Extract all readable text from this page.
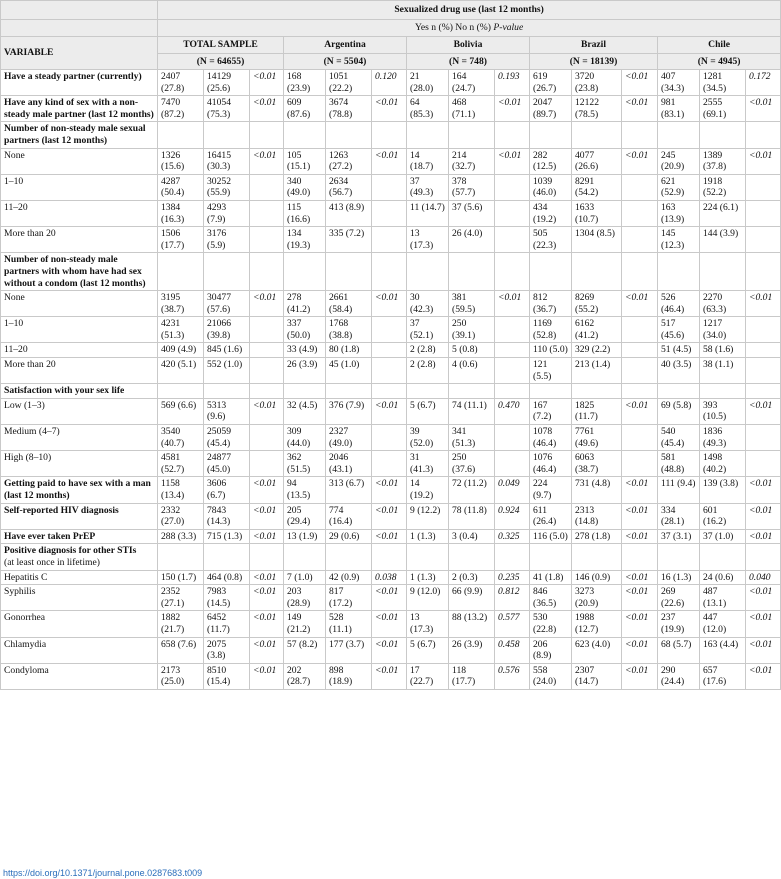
	Sexualized drug use (last 12 months)														
	Yes n (%) No n (%) P-value														
VARIABLE	TOTAL SAMPLE			Argentina			Bolivia			Brazil			Chile		
	(N = 64655)			(N = 5504)			(N = 748)			(N = 18139)			(N = 4945)		
Have a steady partner (currently)	2407 (27.8)	14129 (25.6)	<0.01	168 (23.9)	1051 (22.2)	0.120	21 (28.0)	164 (24.7)	0.193	619 (26.7)	3720 (23.8)	<0.01	407 (34.3)	1281 (34.5)	0.172
Have any kind of sex with a non-steady male partner (last 12 months)	7470 (87.2)	41054 (75.3)	<0.01	609 (87.6)	3674 (78.8)	<0.01	64 (85.3)	468 (71.1)	<0.01	2047 (89.7)	12122 (78.5)	<0.01	981 (83.1)	2555 (69.1)	<0.01
Number of non-steady male sexual partners (last 12 months)															
None	1326 (15.6)	16415 (30.3)	<0.01	105 (15.1)	1263 (27.2)	<0.01	14 (18.7)	214 (32.7)	<0.01	282 (12.5)	4077 (26.6)	<0.01	245 (20.9)	1389 (37.8)	<0.01
1–10	4287 (50.4)	30252 (55.9)		340 (49.0)	2634 (56.7)		37 (49.3)	378 (57.7)		1039 (46.0)	8291 (54.2)		621 (52.9)	1918 (52.2)	
11–20	1384 (16.3)	4293 (7.9)		115 (16.6)	413 (8.9)		11 (14.7)	37 (5.6)		434 (19.2)	1633 (10.7)		163 (13.9)	224 (6.1)	
More than 20	1506 (17.7)	3176 (5.9)		134 (19.3)	335 (7.2)		13 (17.3)	26 (4.0)		505 (22.3)	1304 (8.5)		145 (12.3)	144 (3.9)	
Number of non-steady male partners with whom have had sex without a condom (last 12 months)															
None	3195 (38.7)	30477 (57.6)	<0.01	278 (41.2)	2661 (58.4)	<0.01	30 (42.3)	381 (59.5)	<0.01	812 (36.7)	8269 (55.2)	<0.01	526 (46.4)	2270 (63.3)	<0.01
1–10	4231 (51.3)	21066 (39.8)		337 (50.0)	1768 (38.8)		37 (52.1)	250 (39.1)		1169 (52.8)	6162 (41.2)		517 (45.6)	1217 (34.0)	
11–20	409 (4.9)	845 (1.6)		33 (4.9)	80 (1.8)		2 (2.8)	5 (0.8)		110 (5.0)	329 (2.2)		51 (4.5)	58 (1.6)	
More than 20	420 (5.1)	552 (1.0)		26 (3.9)	45 (1.0)		2 (2.8)	4 (0.6)		121 (5.5)	213 (1.4)		40 (3.5)	38 (1.1)	
Satisfaction with your sex life															
Low (1–3)	569 (6.6)	5313 (9.6)	<0.01	32 (4.5)	376 (7.9)	<0.01	5 (6.7)	74 (11.1)	0.470	167 (7.2)	1825 (11.7)	<0.01	69 (5.8)	393 (10.5)	<0.01
Medium (4–7)	3540 (40.7)	25059 (45.4)		309 (44.0)	2327 (49.0)		39 (52.0)	341 (51.3)		1078 (46.4)	7761 (49.6)		540 (45.4)	1836 (49.3)	
High (8–10)	4581 (52.7)	24877 (45.0)		362 (51.5)	2046 (43.1)		31 (41.3)	250 (37.6)		1076 (46.4)	6063 (38.7)		581 (48.8)	1498 (40.2)	
Getting paid to have sex with a man (last 12 months)	1158 (13.4)	3606 (6.7)	<0.01	94 (13.5)	313 (6.7)	<0.01	14 (19.2)	72 (11.2)	0.049	224 (9.7)	731 (4.8)	<0.01	111 (9.4)	139 (3.8)	<0.01
Self-reported HIV diagnosis	2332 (27.0)	7843 (14.3)	<0.01	205 (29.4)	774 (16.4)	<0.01	9 (12.2)	78 (11.8)	0.924	611 (26.4)	2313 (14.8)	<0.01	334 (28.1)	601 (16.2)	<0.01
Have ever taken PrEP	288 (3.3)	715 (1.3)	<0.01	13 (1.9)	29 (0.6)	<0.01	1 (1.3)	3 (0.4)	0.325	116 (5.0)	278 (1.8)	<0.01	37 (3.1)	37 (1.0)	<0.01
Positive diagnosis for other STIs
(at least once in lifetime)															
Hepatitis C	150 (1.7)	464 (0.8)	<0.01	7 (1.0)	42 (0.9)	0.038	1 (1.3)	2 (0.3)	0.235	41 (1.8)	146 (0.9)	<0.01	16 (1.3)	24 (0.6)	0.040
Syphilis	2352 (27.1)	7983 (14.5)	<0.01	203 (28.9)	817 (17.2)	<0.01	9 (12.0)	66 (9.9)	0.812	846 (36.5)	3273 (20.9)	<0.01	269 (22.6)	487 (13.1)	<0.01
Gonorrhea	1882 (21.7)	6452 (11.7)	<0.01	149 (21.2)	528 (11.1)	<0.01	13 (17.3)	88 (13.2)	0.577	530 (22.8)	1988 (12.7)	<0.01	237 (19.9)	447 (12.0)	<0.01
Chlamydia	658 (7.6)	2075 (3.8)	<0.01	57 (8.2)	177 (3.7)	<0.01	5 (6.7)	26 (3.9)	0.458	206 (8.9)	623 (4.0)	<0.01	68 (5.7)	163 (4.4)	<0.01
Condyloma	2173 (25.0)	8510 (15.4)	<0.01	202 (28.7)	898 (18.9)	<0.01	17 (22.7)	118 (17.7)	0.576	558 (24.0)	2307 (14.7)	<0.01	290 (24.4)	657 (17.6)	<0.01
https://doi.org/10.1371/journal.pone.0287683.t009
